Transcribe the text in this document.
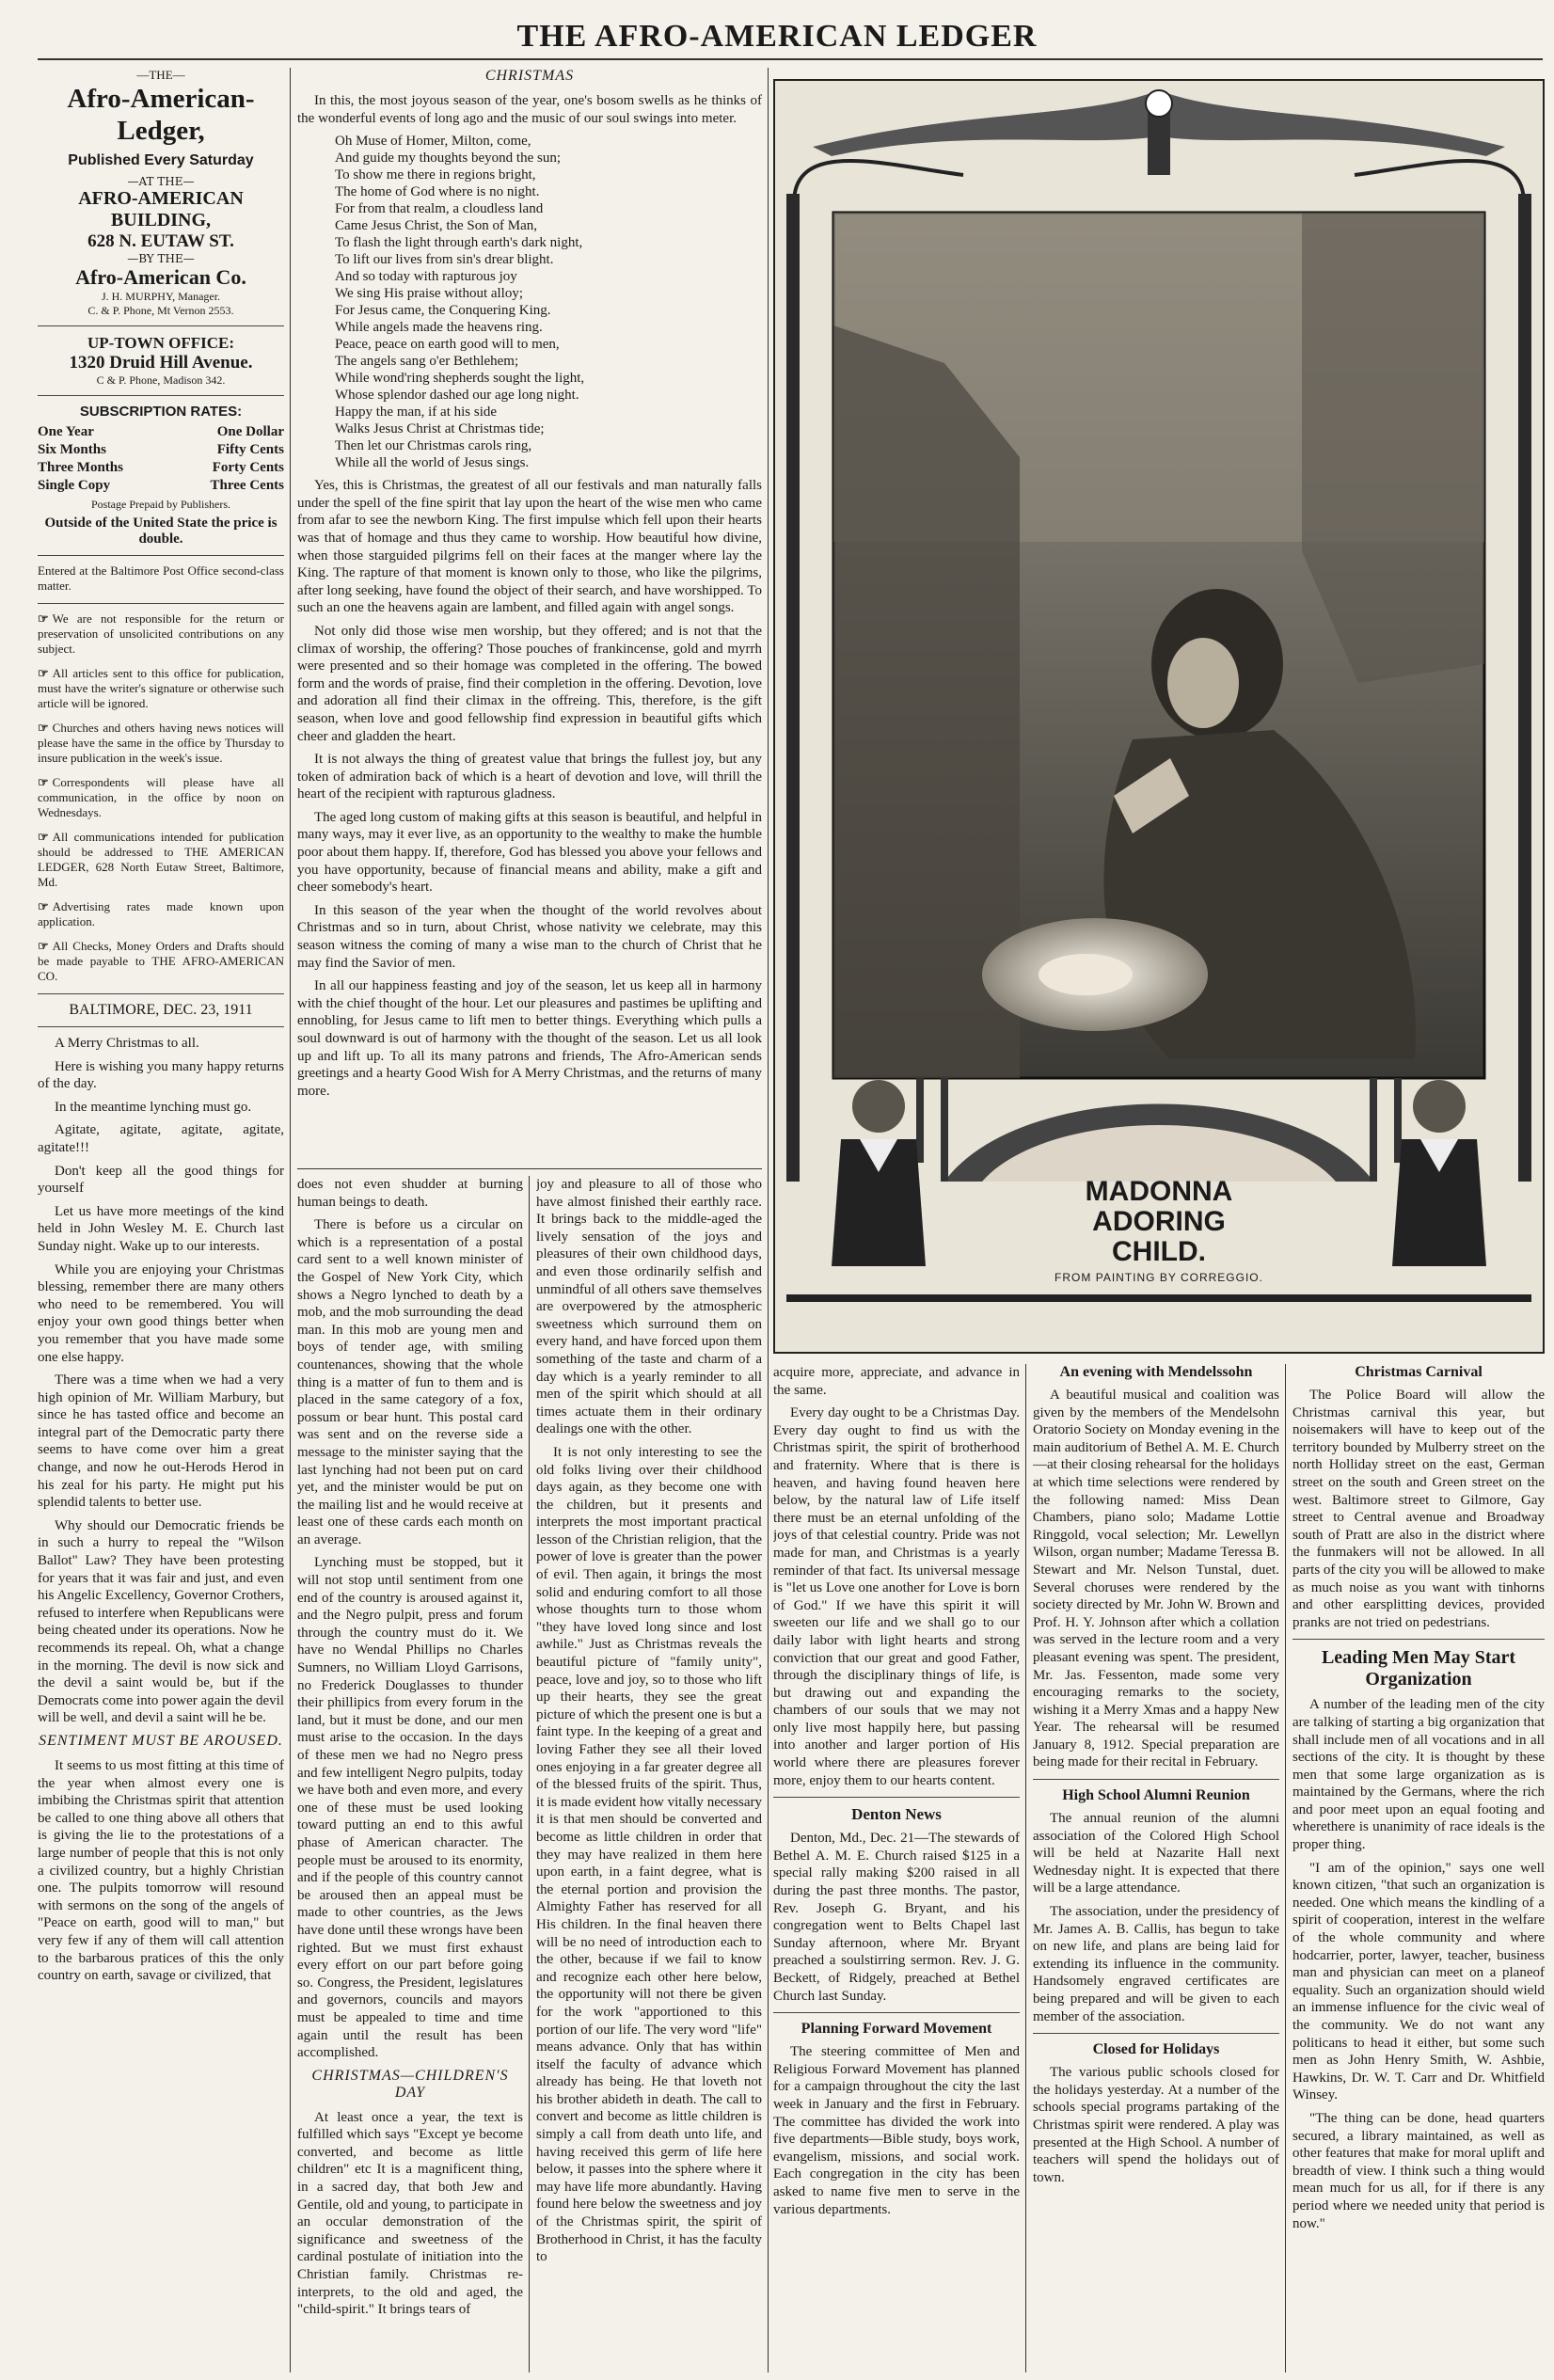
THE AFRO-AMERICAN LEDGER
—THE—
Afro-American-Ledger,
Published Every Saturday
—AT THE—
AFRO-AMERICAN BUILDING,
628 N. EUTAW ST.
—BY THE—
Afro-American Co.
J. H. MURPHY, Manager.
C. & P. Phone, Mt Vernon 2553.
UP-TOWN OFFICE:
1320 Druid Hill Avenue.
C & P. Phone, Madison 342.
SUBSCRIPTION RATES:
One Year	One Dollar
Six Months	Fifty Cents
Three Months	Forty Cents
Single Copy	Three Cents
Postage Prepaid by Publishers.
Outside of the United State the price is double.
Entered at the Baltimore Post Office second-class matter.
☞ We are not responsible for the return or preservation of unsolicited contributions on any subject.
☞ All articles sent to this office for publication, must have the writer's signature or otherwise such article will be ignored.
☞ Churches and others having news notices will please have the same in the office by Thursday to insure publication in the week's issue.
☞ Correspondents will please have all communication, in the office by noon on Wednesdays.
☞ All communications intended for publication should be addressed to THE AMERICAN LEDGER, 628 North Eutaw Street, Baltimore, Md.
☞ Advertising rates made known upon application.
☞ All Checks, Money Orders and Drafts should be made payable to THE AFRO-AMERICAN CO.
BALTIMORE, DEC. 23, 1911

A Merry Christmas to all.

Here is wishing you many happy returns of the day.

In the meantime lynching must go.

Agitate, agitate, agitate, agitate, agitate!!!

Don't keep all the good things for yourself

Let us have more meetings of the kind held in John Wesley M. E. Church last Sunday night. Wake up to our interests.

While you are enjoying your Christmas blessing, remember there are many others who need to be remembered. You will enjoy your own good things better when you remember that you have made some one else happy.

There was a time when we had a very high opinion of Mr. William Marbury, but since he has tasted office and become an integral part of the Democratic party there seems to have come over him a great change, and now he out-Herods Herod in his zeal for his party. He might put his splendid talents to better use.

Why should our Democratic friends be in such a hurry to repeal the "Wilson Ballot" Law? They have been protesting for years that it was fair and just, and even his Angelic Excellency, Governor Crothers, refused to interfere when Republicans were being cheated under its operations. Now he recommends its repeal. Oh, what a change in the morning. The devil is now sick and the devil a saint would be, but if the Democrats come into power again the devil will be well, and devil a saint will he be.

SENTIMENT MUST BE AROUSED.

It seems to us most fitting at this time of the year when almost every one is imbibing the Christmas spirit that attention be called to one thing above all others that is giving the lie to the protestations of a large number of people that this is not only a civilized country, but a highly Christian one. The pulpits tomorrow will resound with sermons on the song of the angels of "Peace on earth, good will to man," but very few if any of them will call attention to the barbarous pratices of this the only country on earth, savage or civilized, that

CHRISTMAS

In this, the most joyous season of the year, one's bosom swells as he thinks of the wonderful events of long ago and the music of our soul swings into meter.

Oh Muse of Homer, Milton, come,
And guide my thoughts beyond the sun;
To show me there in regions bright,
The home of God where is no night.
For from that realm, a cloudless land
Came Jesus Christ, the Son of Man,
To flash the light through earth's dark night,
To lift our lives from sin's drear blight.
And so today with rapturous joy
We sing His praise without alloy;
For Jesus came, the Conquering King.
While angels made the heavens ring.
Peace, peace on earth good will to men,
The angels sang o'er Bethlehem;
While wond'ring shepherds sought the light,
Whose splendor dashed our age long night.
Happy the man, if at his side
Walks Jesus Christ at Christmas tide;
Then let our Christmas carols ring,
While all the world of Jesus sings.

Yes, this is Christmas, the greatest of all our festivals and man naturally falls under the spell of the fine spirit that lay upon the heart of the wise men who came from afar to see the newborn King. The first impulse which fell upon their hearts was that of homage and thus they came to worship. How beautiful how divine, when those starguided pilgrims fell on their faces at the manger where lay the King. The rapture of that moment is known only to those, who like the pilgrims, after long seeking, have found the object of their search, and have worshipped. To such an one the heavens again are lambent, and filled again with angel songs.

Not only did those wise men worship, but they offered; and is not that the climax of worship, the offering? Those pouches of frankincense, gold and myrrh were presented and so their homage was completed in the offering. The bowed form and the words of praise, find their completion in the offering. Devotion, love and adoration all find their climax in the offreing. This, therefore, is the gift season, when love and good fellowship find expression in beautiful gifts which cheer and gladden the heart.

It is not always the thing of greatest value that brings the fullest joy, but any token of admiration back of which is a heart of devotion and love, will thrill the heart of the recipient with rapturous gladness.

The aged long custom of making gifts at this season is beautiful, and helpful in many ways, may it ever live, as an opportunity to the wealthy to make the humble poor about them happy. If, therefore, God has blessed you above your fellows and you have opportunity, because of financial means and ability, make a gift and cheer somebody's heart.

In this season of the year when the thought of the world revolves about Christmas and so in turn, about Christ, whose nativity we celebrate, may this season witness the coming of many a wise man to the church of Christ that he may find the Savior of men.

In all our happiness feasting and joy of the season, let us keep all in harmony with the chief thought of the hour. Let our pleasures and pastimes be uplifting and ennobling, for Jesus came to lift men to better things. Everything which pulls a soul downward is out of harmony with the thought of the season. Let us all look up and lift up. To all its many patrons and friends, The Afro-American sends greetings and a hearty Good Wish for A Merry Christmas, and the returns of many more.

does not even shudder at burning human beings to death.

There is before us a circular on which is a representation of a postal card sent to a well known minister of the Gospel of New York City, which shows a Negro lynched to death by a mob, and the mob surrounding the dead man. In this mob are young men and boys of tender age, with smiling countenances, showing that the whole thing is a matter of fun to them and is placed in the same category of a fox, possum or bear hunt. This postal card was sent and on the reverse side a message to the minister saying that the last lynching had not been put on card yet, and the minister would be put on the mailing list and he would receive at least one of these cards each month on an average.

Lynching must be stopped, but it will not stop until sentiment from one end of the country is aroused against it, and the Negro pulpit, press and forum through the country must do it. We have no Wendal Phillips no Charles Sumners, no William Lloyd Garrisons, no Frederick Douglasses to thunder their phillipics from every forum in the land, but it must be done, and our men must arise to the occasion. In the days of these men we had no Negro press and few intelligent Negro pulpits, today we have both and even more, and every one of these must be used looking toward putting an end to this awful phase of American character. The people must be aroused to its enormity, and if the people of this country cannot be aroused then an appeal must be made to other countries, as the Jews have done until these wrongs have been righted. But we must first exhaust every effort on our part before going so. Congress, the President, legislatures and governors, councils and mayors must be appealed to time and time again until the result has been accomplished.

CHRISTMAS—CHILDREN'S DAY

At least once a year, the text is fulfilled which says "Except ye become converted, and become as little children" etc It is a magnificent thing, in a sacred day, that both Jew and Gentile, old and young, to participate in an occular demonstration of the significance and sweetness of the cardinal postulate of initiation into the Christian family. Christmas re-interprets, to the old and aged, the "child-spirit." It brings tears of

joy and pleasure to all of those who have almost finished their earthly race. It brings back to the middle-aged the lively sensation of the joys and pleasures of their own childhood days, and even those ordinarily selfish and unmindful of all others save themselves are overpowered by the atmospheric sweetness which surround them on every hand, and have forced upon them something of the taste and charm of a day which is a yearly reminder to all men of the spirit which should at all times actuate them in their ordinary dealings one with the other.

It is not only interesting to see the old folks living over their childhood days again, as they become one with the children, but it presents and interprets the most important practical lesson of the Christian religion, that the power of love is greater than the power of evil. Then again, it brings the most solid and enduring comfort to all those whose thoughts turn to those whom "they have loved long since and lost awhile." Just as Christmas reveals the beautiful picture of "family unity", peace, love and joy, so to those who lift up their hearts, they see the great picture of which the present one is but a faint type. In the keeping of a great and loving Father they see all their loved ones enjoying in a far greater degree all of the blessed fruits of the spirit. Thus, it is made evident how vitally necessary it is that men should be converted and become as little children in order that they may have realized in them here upon earth, in a faint degree, what is the eternal portion and provision the Almighty Father has reserved for all His children. In the final heaven there will be no need of introduction each to the other, because if we fail to know and recognize each other here below, the opportunity will not there be given for the work "apportioned to this portion of our life. The very word "life" means advance. Only that has within itself the faculty of advance which already has being. He that loveth not his brother abideth in death. The call to convert and become as little children is simply a call from death unto life, and having received this germ of life here below, it passes into the sphere where it may have life more abundantly. Having found here below the sweetness and joy of the Christmas spirit, the spirit of Brotherhood in Christ, it has the faculty to

MADONNA
ADORING
CHILD.
FROM PAINTING BY CORREGGIO.

acquire more, appreciate, and advance in the same.

Every day ought to be a Christmas Day. Every day ought to find us with the Christmas spirit, the spirit of brotherhood and fraternity. Where that is there is heaven, and having found heaven here below, by the natural law of Life itself there must be an eternal unfolding of the joys of that celestial country. Pride was not made for man, and Christmas is a yearly reminder of that fact. Its universal message is "let us Love one another for Love is born of God." If we have this spirit it will sweeten our life and we shall go to our daily labor with light hearts and strong conviction that our great and good Father, through the disciplinary things of life, is but drawing out and expanding the chambers of our souls that we may not only live most happily here, but passing into another and larger portion of His world where there are pleasures forever more, enjoy them to our hearts content.

Denton News

Denton, Md., Dec. 21—The stewards of Bethel A. M. E. Church raised $125 in a special rally making $200 raised in all during the past three months. The pastor, Rev. Joseph G. Bryant, and his congregation went to Belts Chapel last Sunday afternoon, where Mr. Bryant preached a soulstirring sermon. Rev. J. G. Beckett, of Ridgely, preached at Bethel Church last Sunday.

Planning Forward Movement

The steering committee of Men and Religious Forward Movement has planned for a campaign throughout the city the last week in January and the first in February. The committee has divided the work into five departments—Bible study, boys work, evangelism, missions, and social work. Each congregation in the city has been asked to name five men to serve in the various departments.

An evening with Mendelssohn

A beautiful musical and coalition was given by the members of the Mendelsohn Oratorio Society on Monday evening in the main auditorium of Bethel A. M. E. Church —at their closing rehearsal for the holidays at which time selections were rendered by the following named: Miss Dean Chambers, piano solo; Madame Lottie Ringgold, vocal selection; Mr. Lewellyn Wilson, organ number; Madame Teressa B. Stewart and Mr. Nelson Tunstal, duet. Several choruses were rendered by the society directed by Mr. John W. Brown and Prof. H. Y. Johnson after which a collation was served in the lecture room and a very pleasant evening was spent. The president, Mr. Jas. Fessenton, made some very encouraging remarks to the society, wishing it a Merry Xmas and a happy New Year. The rehearsal will be resumed January 8, 1912. Special preparation are being made for their recital in February.

High School Alumni Reunion

The annual reunion of the alumni association of the Colored High School will be held at Nazarite Hall next Wednesday night. It is expected that there will be a large attendance.

The association, under the presidency of Mr. James A. B. Callis, has begun to take on new life, and plans are being laid for extending its influence in the community. Handsomely engraved certificates are being prepared and will be given to each member of the association.

Closed for Holidays

The various public schools closed for the holidays yesterday. At a number of the schools special programs partaking of the Christmas spirit were rendered. A play was presented at the High School. A number of teachers will spend the holidays out of town.

Christmas Carnival

The Police Board will allow the Christmas carnival this year, but noisemakers will have to keep out of the territory bounded by Mulberry street on the north Holliday street on the east, German street on the south and Green street on the west. Baltimore street to Gilmore, Gay street to Central avenue and Broadway south of Pratt are also in the district where the funmakers will not be allowed. In all parts of the city you will be allowed to make as much noise as you want with tinhorns and other earsplitting devices, provided pranks are not tried on pedestrians.

Leading Men May Start Organization

A number of the leading men of the city are talking of starting a big organization that shall include men of all vocations and in all sections of the city. It is thought by these men that some large organization as is maintained by the Germans, where the rich and poor meet upon an equal footing and wherethere is unanimity of race ideals is the proper thing.

"I am of the opinion," says one well known citizen, "that such an organization is needed. One which means the kindling of a spirit of cooperation, interest in the welfare of the whole community and where hodcarrier, porter, lawyer, teacher, business man and physician can meet on a planeof equality. Such an organization should wield an immense influence for the civic weal of the community. We do not want any politicans to head it either, but some such men as John Henry Smith, W. Ashbie, Hawkins, Dr. W. T. Carr and Dr. Whitfield Winsey.

"The thing can be done, head quarters secured, a library maintained, as well as other features that make for moral uplift and breadth of view. I think such a thing would mean much for us all, for if there is any period where we needed unity that period is now."
